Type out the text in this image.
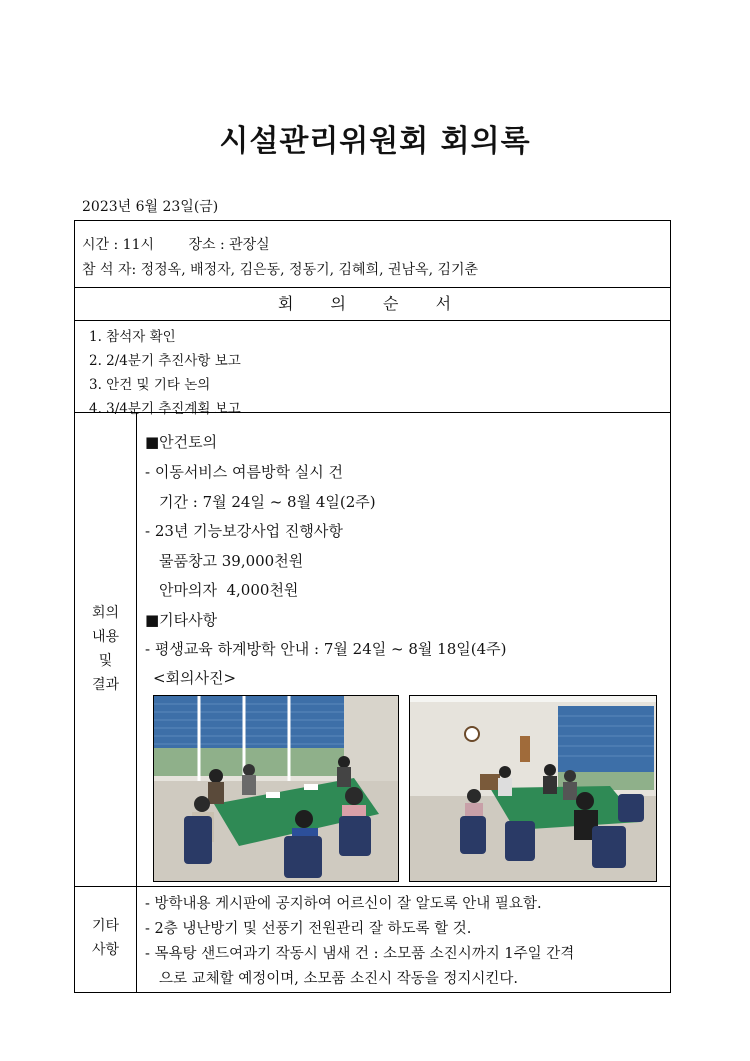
시설관리위원회 회의록
2023년 6월 23일(금)
시간 : 11시 장소 : 관장실
참 석 자: 정정옥, 배정자, 김은동, 정동기, 김혜희, 권남옥, 김기춘
회 의 순 서
1. 참석자 확인
2. 2/4분기 추진사항 보고
3. 안건 및 기타 논의
4. 3/4분기 추진계획 보고
회의
내용
및
결과
■안건토의
- 이동서비스 여름방학 실시 건
기간 : 7월 24일 ~ 8월 4일(2주)
- 23년 기능보강사업 진행사항
물품창고 39,000천원
안마의자  4,000천원
■기타사항
- 평생교육 하계방학 안내 : 7월 24일 ~ 8월 18일(4주)
<회의사진>
기타
사항
- 방학내용 게시판에 공지하여 어르신이 잘 알도록 안내 필요함.
- 2층 냉난방기 및 선풍기 전원관리 잘 하도록 할 것.
- 목욕탕 샌드여과기 작동시 냄새 건 : 소모품 소진시까지 1주일 간격
으로 교체할 예정이며, 소모품 소진시 작동을 정지시킨다.
